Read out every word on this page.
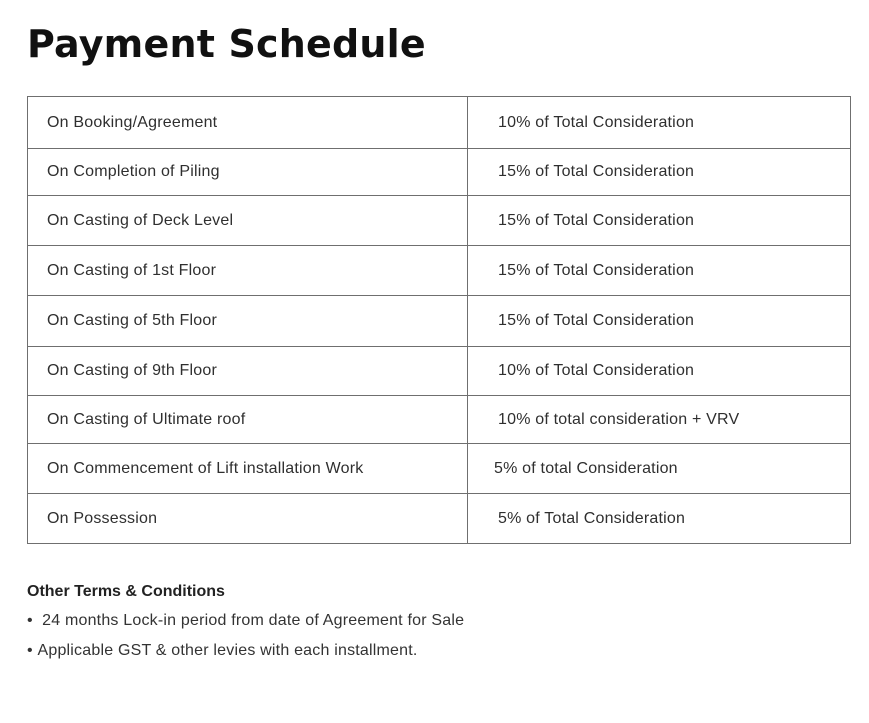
Payment Schedule
On Booking/Agreement	10% of Total Consideration
On Completion of Piling	15% of Total Consideration
On Casting of Deck Level	15% of Total Consideration
On Casting of 1st Floor	15% of Total Consideration
On Casting of 5th Floor	15% of Total Consideration
On Casting of 9th Floor	10% of Total Consideration
On Casting of Ultimate roof	10% of total consideration + VRV
On Commencement of Lift installation Work	5% of total Consideration
On Possession	5% of Total Consideration
Other Terms & Conditions
• 24 months Lock-in period from date of Agreement for Sale
• Applicable GST & other levies with each installment.
